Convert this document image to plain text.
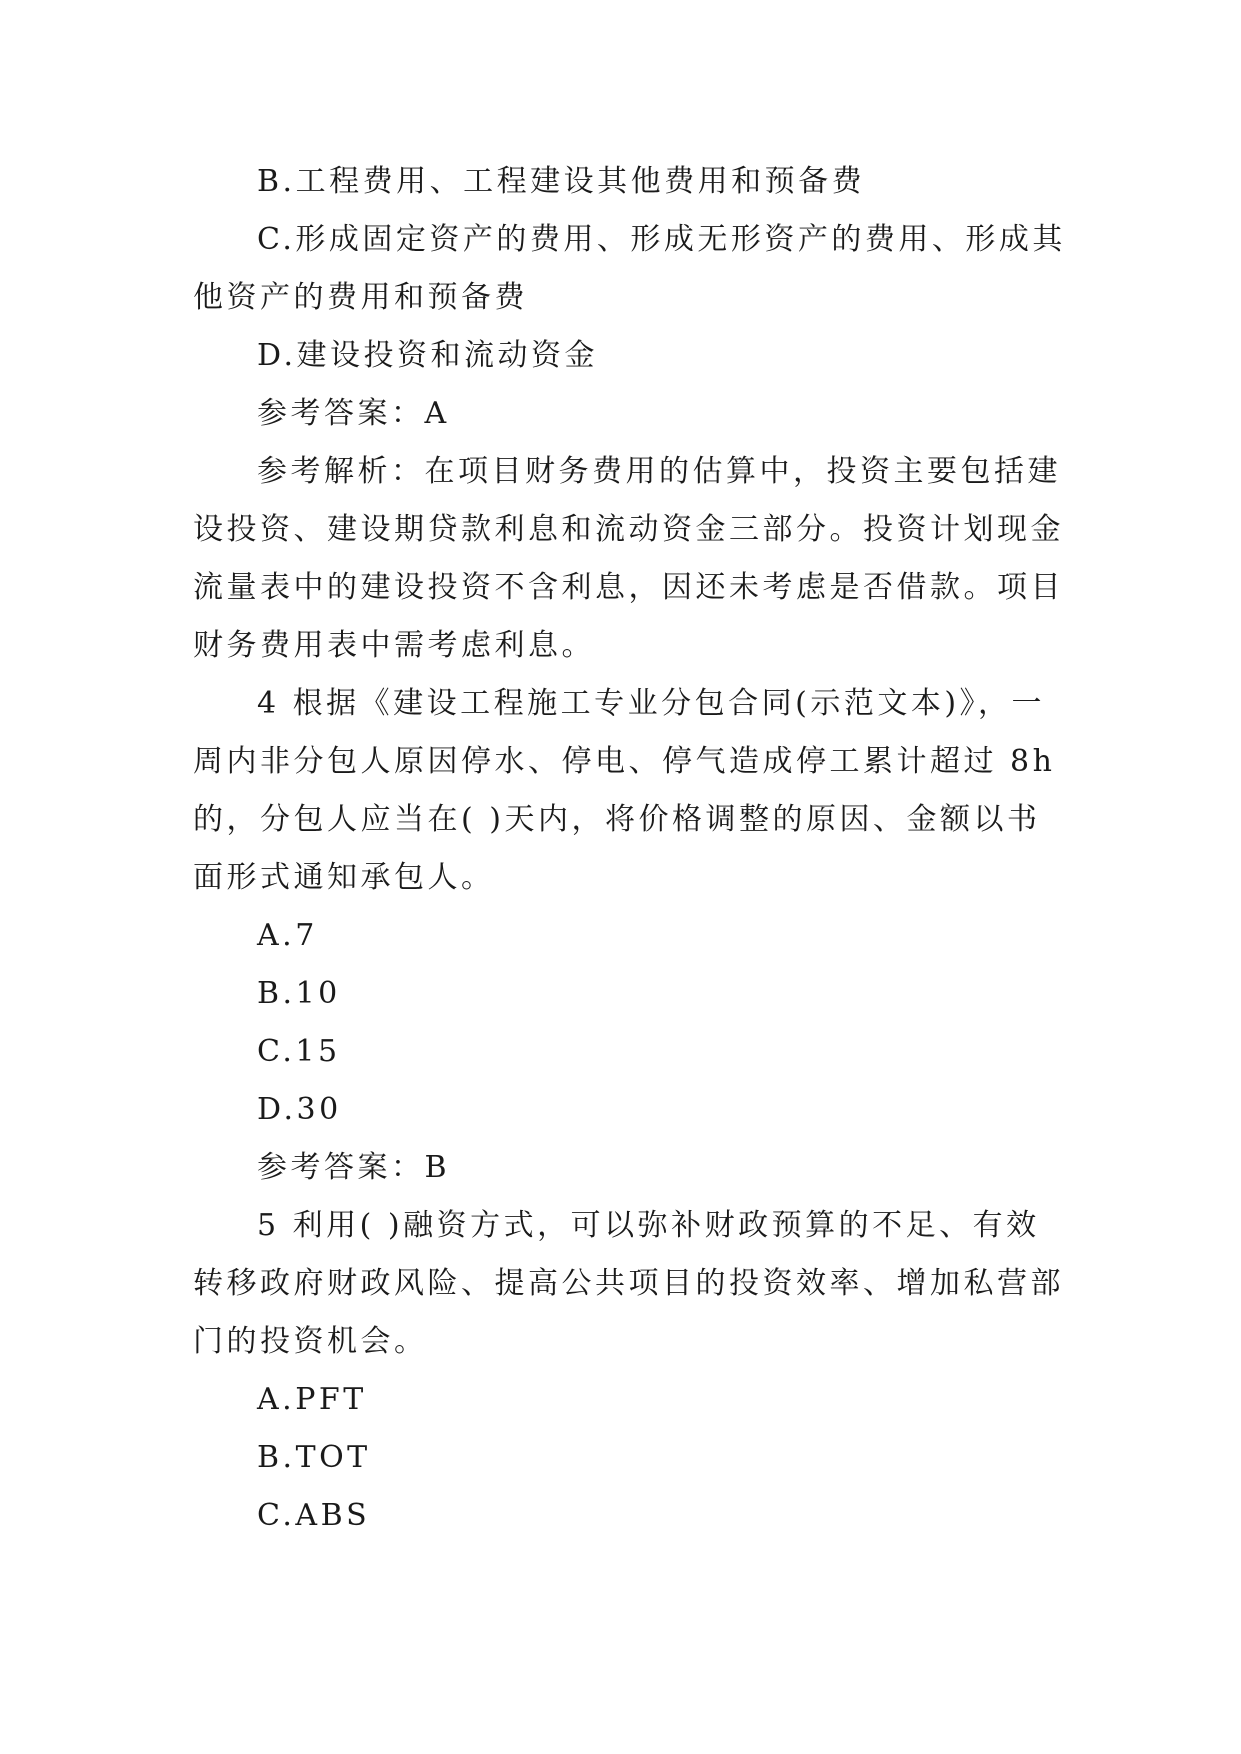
B.工程费用、工程建设其他费用和预备费
C.形成固定资产的费用、形成无形资产的费用、形成其
他资产的费用和预备费
D.建设投资和流动资金
参考答案：A
参考解析：在项目财务费用的估算中，投资主要包括建
设投资、建设期贷款利息和流动资金三部分。投资计划现金
流量表中的建设投资不含利息，因还未考虑是否借款。项目
财务费用表中需考虑利息。
4 根据《建设工程施工专业分包合同(示范文本)》，一
周内非分包人原因停水、停电、停气造成停工累计超过 8h
的，分包人应当在( )天内，将价格调整的原因、金额以书
面形式通知承包人。
A.7
B.10
C.15
D.30
参考答案：B
5 利用( )融资方式，可以弥补财政预算的不足、有效
转移政府财政风险、提高公共项目的投资效率、增加私营部
门的投资机会。
A.PFT
B.TOT
C.ABS
